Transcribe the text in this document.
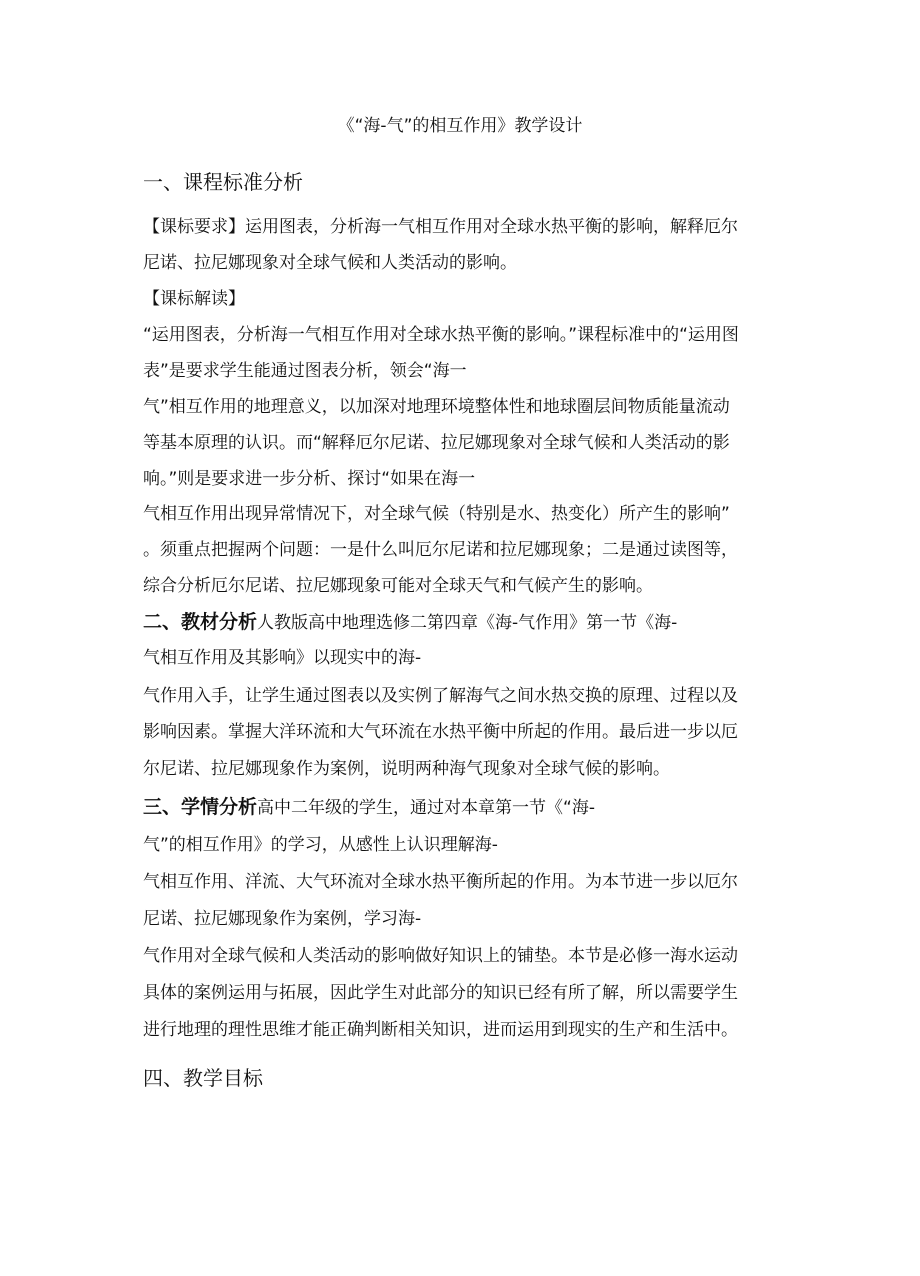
《“海-气”的相互作用》教学设计
一、课程标准分析
【课标要求】运用图表，分析海一气相互作用对全球水热平衡的影响，解释厄尔
尼诺、拉尼娜现象对全球气候和人类活动的影响。
【课标解读】
“运用图表，分析海一气相互作用对全球水热平衡的影响。”课程标准中的“运用图
表”是要求学生能通过图表分析，领会“海一
气”相互作用的地理意义，以加深对地理环境整体性和地球圈层间物质能量流动
等基本原理的认识。而“解释厄尔尼诺、拉尼娜现象对全球气候和人类活动的影
响。”则是要求进一步分析、探讨“如果在海一
气相互作用出现异常情况下，对全球气候（特别是水、热变化）所产生的影响”
。须重点把握两个问题：一是什么叫厄尔尼诺和拉尼娜现象；二是通过读图等，
综合分析厄尔尼诺、拉尼娜现象可能对全球天气和气候产生的影响。
二、教材分析人教版高中地理选修二第四章《海-气作用》第一节《海-
气相互作用及其影响》以现实中的海-
气作用入手，让学生通过图表以及实例了解海气之间水热交换的原理、过程以及
影响因素。掌握大洋环流和大气环流在水热平衡中所起的作用。最后进一步以厄
尔尼诺、拉尼娜现象作为案例，说明两种海气现象对全球气候的影响。
三、学情分析高中二年级的学生，通过对本章第一节《“海-
气”的相互作用》的学习，从感性上认识理解海-
气相互作用、洋流、大气环流对全球水热平衡所起的作用。为本节进一步以厄尔
尼诺、拉尼娜现象作为案例，学习海-
气作用对全球气候和人类活动的影响做好知识上的铺垫。本节是必修一海水运动
具体的案例运用与拓展，因此学生对此部分的知识已经有所了解，所以需要学生
进行地理的理性思维才能正确判断相关知识，进而运用到现实的生产和生活中。
四、教学目标
